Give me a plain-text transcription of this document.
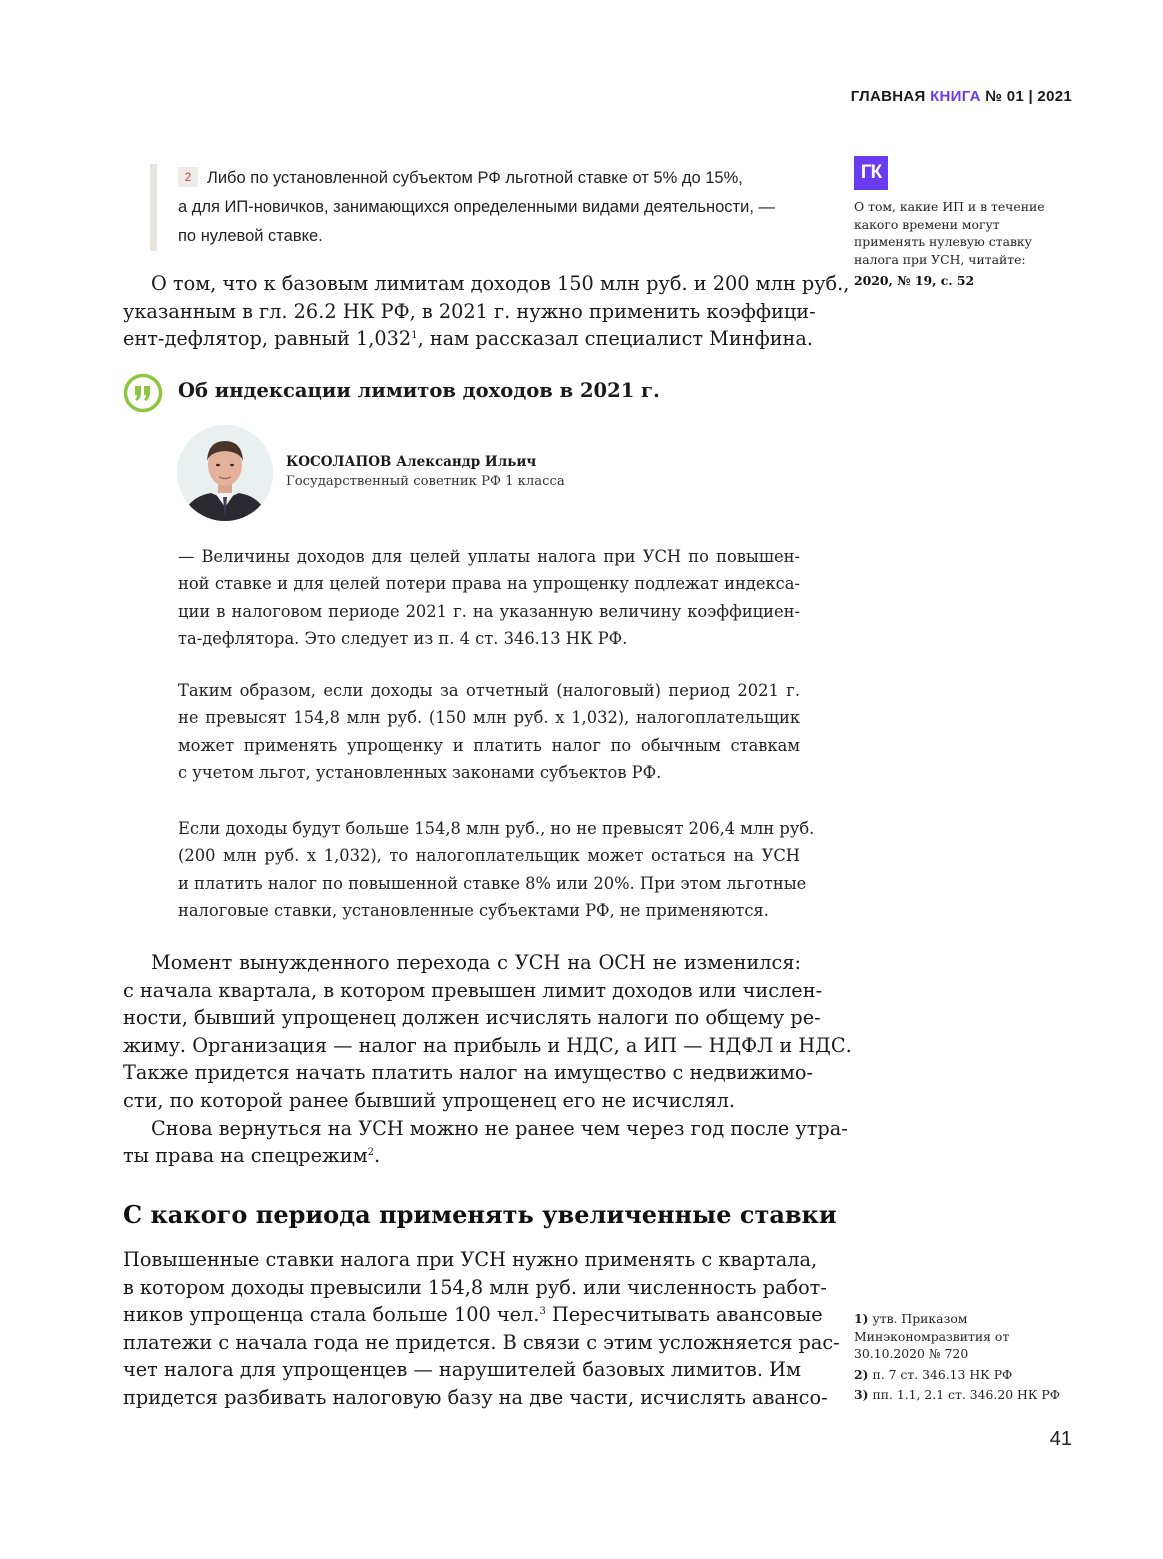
ГЛАВНАЯ КНИГА № 01 | 2021
2 Либо по установленной субъектом РФ льготной ставке от 5% до 15%,
а для ИП-новичков, занимающихся определенными видами деятельности, —
по нулевой ставке.
ГК
О том, какие ИП и в течение какого времени могут применять нулевую ставку налога при УСН, читайте:
2020, № 19, с. 52
О том, что к базовым лимитам доходов 150 млн руб. и 200 млн руб.,
указанным в гл. 26.2 НК РФ, в 2021 г. нужно применить коэффици-
ент-дефлятор, равный 1,032$^1$, нам рассказал специалист Минфина.
Об индексации лимитов доходов в 2021 г.
КОСОЛАПОВ Александр Ильич
Государственный советник РФ 1 класса
— Величины доходов для целей уплаты налога при УСН по повышен-
ной ставке и для целей потери права на упрощенку подлежат индекса-
ции в налоговом периоде 2021 г. на указанную величину коэффициен-
та-дефлятора. Это следует из п. 4 ст. 346.13 НК РФ.
Таким образом, если доходы за отчетный (налоговый) период 2021 г.
не превысят 154,8 млн руб. (150 млн руб. х 1,032), налогоплательщик
может применять упрощенку и платить налог по обычным ставкам
с учетом льгот, установленных законами субъектов РФ.
Если доходы будут больше 154,8 млн руб., но не превысят 206,4 млн руб.
(200 млн руб. х 1,032), то налогоплательщик может остаться на УСН
и платить налог по повышенной ставке 8% или 20%. При этом льготные
налоговые ставки, установленные субъектами РФ, не применяются.
Момент вынужденного перехода с УСН на ОСН не изменился:
с начала квартала, в котором превышен лимит доходов или числен-
ности, бывший упрощенец должен исчислять налоги по общему ре-
жиму. Организация — налог на прибыль и НДС, а ИП — НДФЛ и НДС.
Также придется начать платить налог на имущество с недвижимо-
сти, по которой ранее бывший упрощенец его не исчислял.
Снова вернуться на УСН можно не ранее чем через год после утра-
ты права на спецрежим$^2$.
С какого периода применять увеличенные ставки
Повышенные ставки налога при УСН нужно применять с квартала,
в котором доходы превысили 154,8 млн руб. или численность работ-
ников упрощенца стала больше 100 чел.$^3$ Пересчитывать авансовые
платежи с начала года не придется. В связи с этим усложняется рас-
чет налога для упрощенцев — нарушителей базовых лимитов. Им
придется разбивать налоговую базу на две части, исчислять авансо-

1) утв. Приказом Минэкономразвития от 30.10.2020 № 720

2) п. 7 ст. 346.13 НК РФ

3) пп. 1.1, 2.1 ст. 346.20 НК РФ

41
